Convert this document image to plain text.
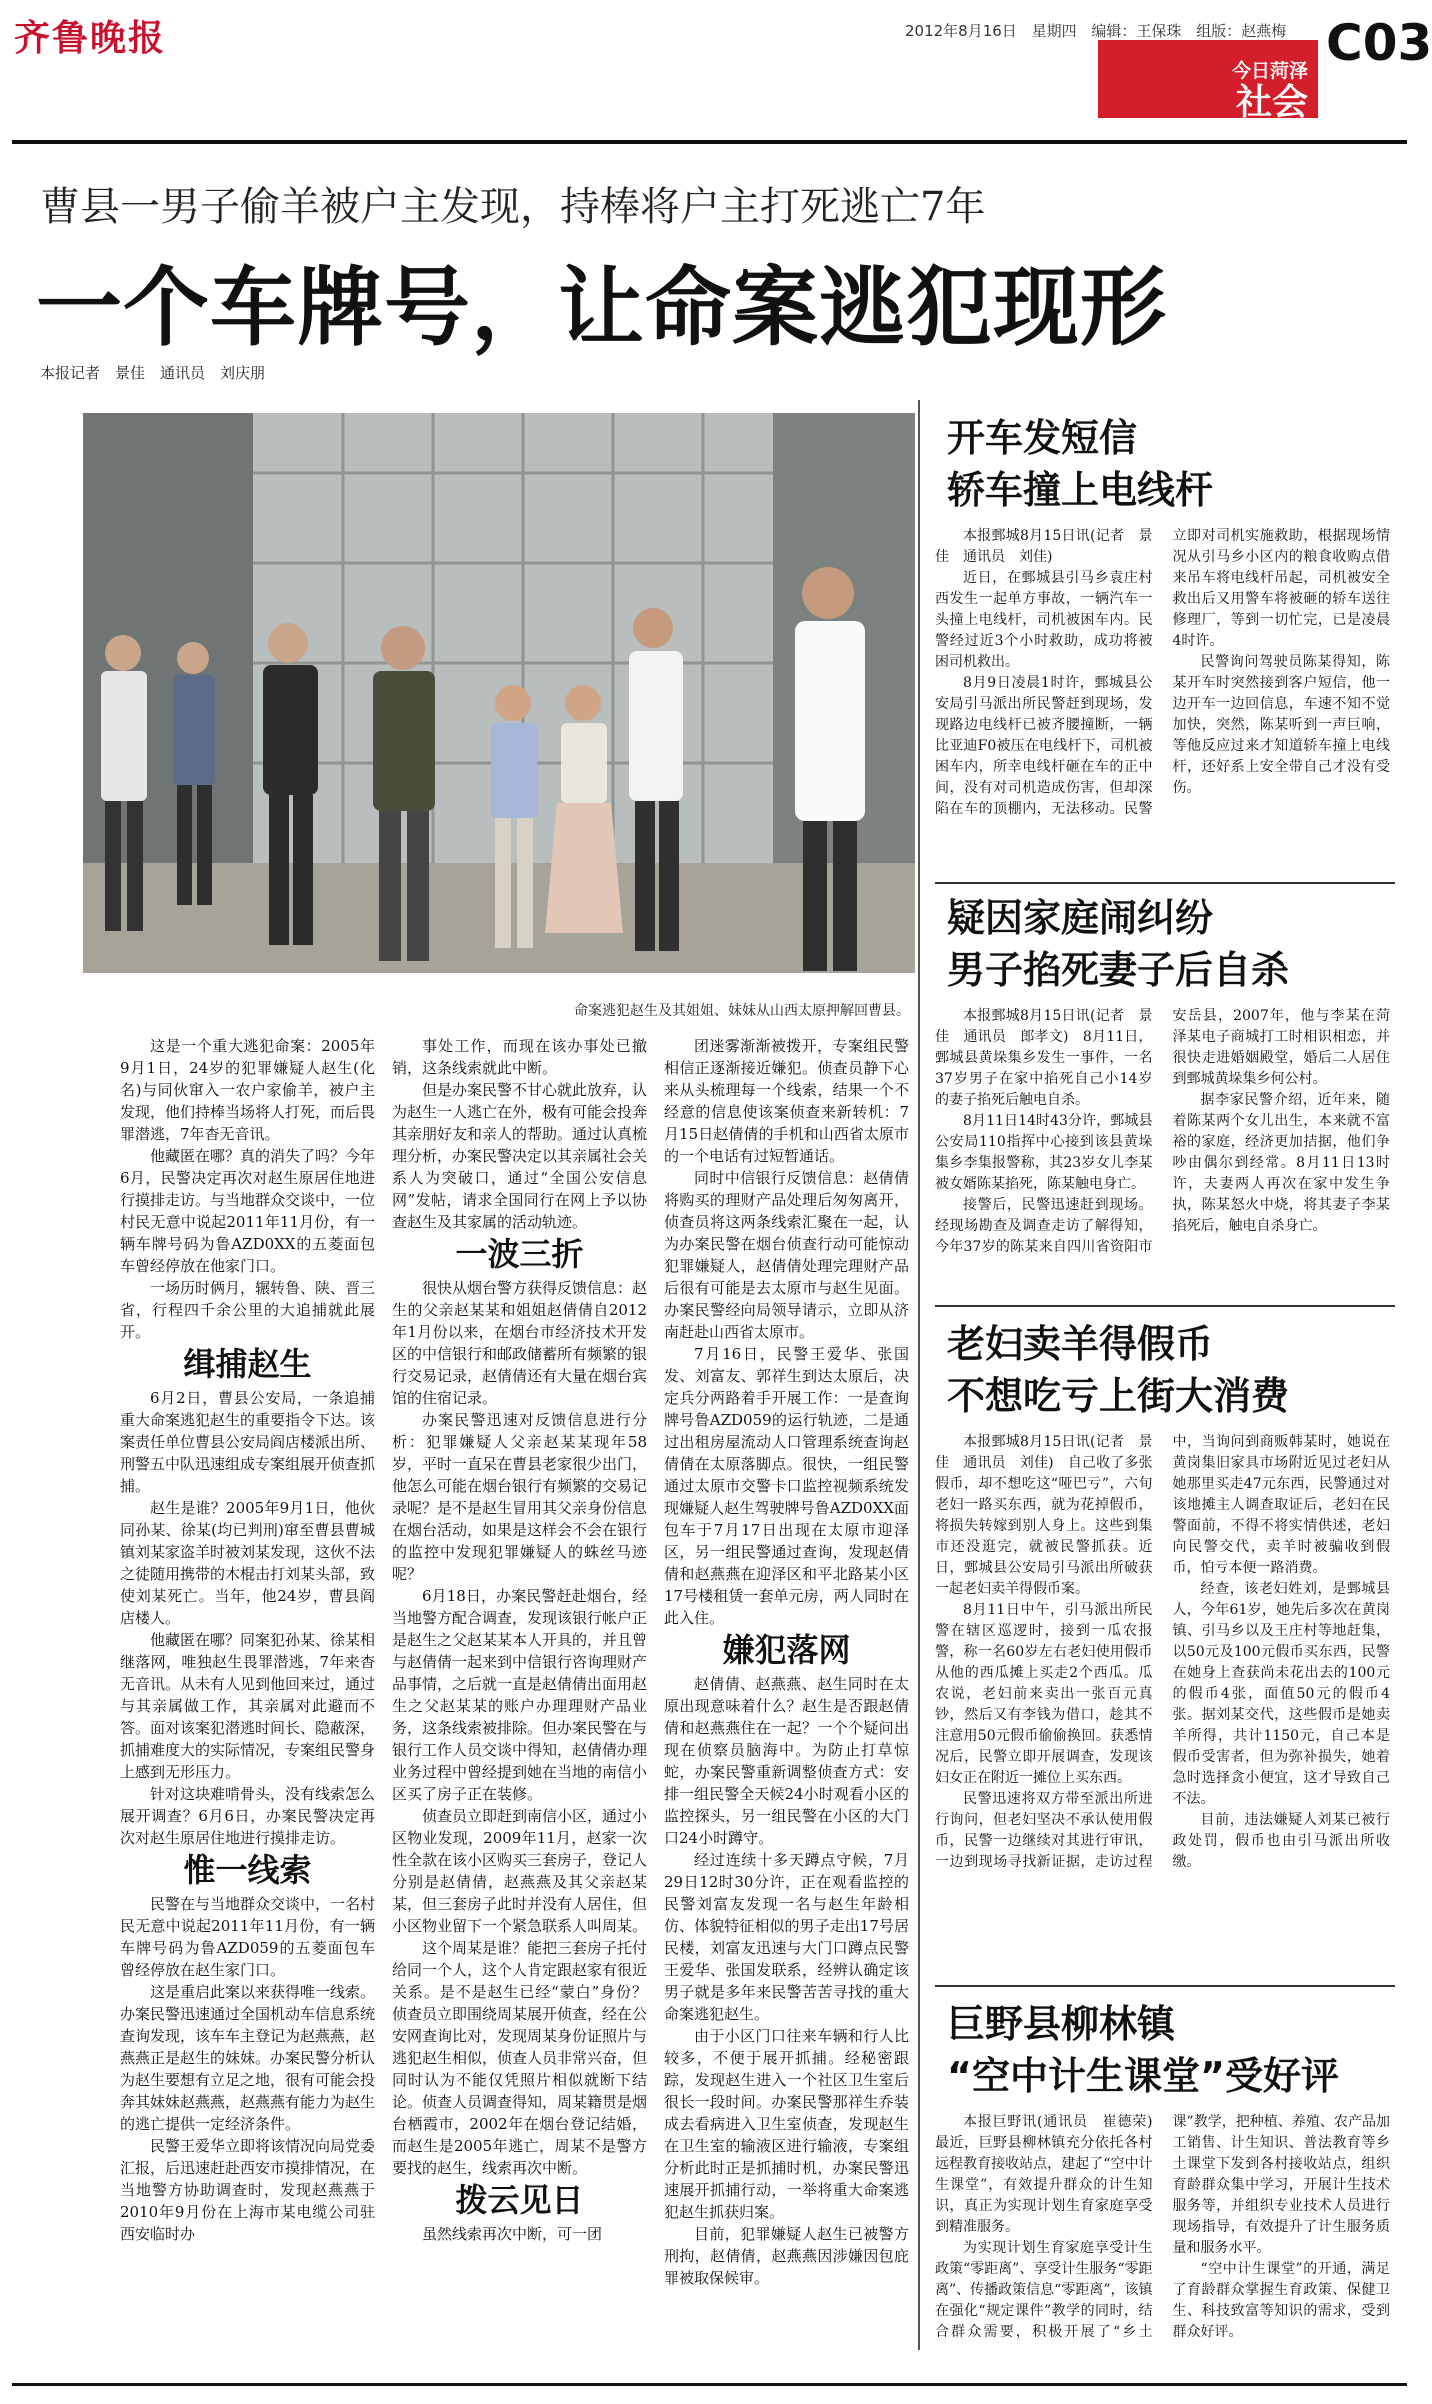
齐鲁晚报	2012年8月16日 星期四 编辑：王保珠 组版：赵燕梅
今日菏泽
社会
C03
曹县一男子偷羊被户主发现，持棒将户主打死逃亡7年
一个车牌号，让命案逃犯现形
本报记者　景佳　通讯员　刘庆朋
命案逃犯赵生及其姐姐、妹妹从山西太原押解回曹县。

这是一个重大逃犯命案：2005年9月1日，24岁的犯罪嫌疑人赵生(化名)与同伙窜入一农户家偷羊，被户主发现，他们持棒当场将人打死，而后畏罪潜逃，7年杳无音讯。

他藏匿在哪？真的消失了吗？今年6月，民警决定再次对赵生原居住地进行摸排走访。与当地群众交谈中，一位村民无意中说起2011年11月份，有一辆车牌号码为鲁AZD0XX的五菱面包车曾经停放在他家门口。

一场历时俩月，辗转鲁、陕、晋三省，行程四千余公里的大追捕就此展开。

缉捕赵生

6月2日，曹县公安局，一条追捕重大命案逃犯赵生的重要指令下达。该案责任单位曹县公安局阎店楼派出所、刑警五中队迅速组成专案组展开侦查抓捕。

赵生是谁？2005年9月1日，他伙同孙某、徐某(均已判刑)窜至曹县曹城镇刘某家盗羊时被刘某发现，这伙不法之徒随用携带的木棍击打刘某头部，致使刘某死亡。当年，他24岁，曹县阎店楼人。

他藏匿在哪？同案犯孙某、徐某相继落网，唯独赵生畏罪潜逃，7年来杳无音讯。从未有人见到他回来过，通过与其亲属做工作，其亲属对此避而不答。面对该案犯潜逃时间长、隐蔽深，抓捕难度大的实际情况，专案组民警身上感到无形压力。

针对这块难啃骨头，没有线索怎么展开调查？6月6日，办案民警决定再次对赵生原居住地进行摸排走访。

惟一线索

民警在与当地群众交谈中，一名村民无意中说起2011年11月份，有一辆车牌号码为鲁AZD059的五菱面包车曾经停放在赵生家门口。

这是重启此案以来获得唯一线索。办案民警迅速通过全国机动车信息系统查询发现，该车车主登记为赵燕燕，赵燕燕正是赵生的妹妹。办案民警分析认为赵生要想有立足之地，很有可能会投奔其妹妹赵燕燕，赵燕燕有能力为赵生的逃亡提供一定经济条件。

民警王爱华立即将该情况向局党委汇报，后迅速赶赴西安市摸排情况，在当地警方协助调查时，发现赵燕燕于2010年9月份在上海市某电缆公司驻西安临时办

事处工作，而现在该办事处已撤销，这条线索就此中断。

但是办案民警不甘心就此放弃，认为赵生一人逃亡在外，极有可能会投奔其亲朋好友和亲人的帮助。通过认真梳理分析，办案民警决定以其亲属社会关系人为突破口，通过“全国公安信息网”发帖，请求全国同行在网上予以协查赵生及其家属的活动轨迹。

一波三折

很快从烟台警方获得反馈信息：赵生的父亲赵某某和姐姐赵倩倩自2012年1月份以来，在烟台市经济技术开发区的中信银行和邮政储蓄所有频繁的银行交易记录，赵倩倩还有大量在烟台宾馆的住宿记录。

办案民警迅速对反馈信息进行分析：犯罪嫌疑人父亲赵某某现年58岁，平时一直呆在曹县老家很少出门，他怎么可能在烟台银行有频繁的交易记录呢？是不是赵生冒用其父亲身份信息在烟台活动，如果是这样会不会在银行的监控中发现犯罪嫌疑人的蛛丝马迹呢？

6月18日，办案民警赶赴烟台，经当地警方配合调查，发现该银行帐户正是赵生之父赵某某本人开具的，并且曾与赵倩倩一起来到中信银行咨询理财产品事情，之后就一直是赵倩倩出面用赵生之父赵某某的账户办理理财产品业务，这条线索被排除。但办案民警在与银行工作人员交谈中得知，赵倩倩办理业务过程中曾经提到她在当地的南信小区买了房子正在装修。

侦查员立即赶到南信小区，通过小区物业发现，2009年11月，赵家一次性全款在该小区购买三套房子，登记人分别是赵倩倩，赵燕燕及其父亲赵某某，但三套房子此时并没有人居住，但小区物业留下一个紧急联系人叫周某。

这个周某是谁？能把三套房子托付给同一个人，这个人肯定跟赵家有很近关系。是不是赵生已经“蒙白”身份？侦查员立即围绕周某展开侦查，经在公安网查询比对，发现周某身份证照片与逃犯赵生相似，侦查人员非常兴奋，但同时认为不能仅凭照片相似就断下结论。侦查人员调查得知，周某籍贯是烟台栖霞市，2002年在烟台登记结婚，而赵生是2005年逃亡，周某不是警方要找的赵生，线索再次中断。

拨云见日

虽然线索再次中断，可一团

团迷雾渐渐被拨开，专案组民警相信正逐渐接近嫌犯。侦查员静下心来从头梳理每一个线索，结果一个不经意的信息使该案侦查来新转机：7月15日赵倩倩的手机和山西省太原市的一个电话有过短暂通话。

同时中信银行反馈信息：赵倩倩将购买的理财产品处理后匆匆离开，侦查员将这两条线索汇聚在一起，认为办案民警在烟台侦查行动可能惊动犯罪嫌疑人，赵倩倩处理完理财产品后很有可能是去太原市与赵生见面。办案民警经向局领导请示，立即从济南赶赴山西省太原市。

7月16日，民警王爱华、张国发、刘富友、郭祥生到达太原后，决定兵分两路着手开展工作：一是查询牌号鲁AZD059的运行轨迹，二是通过出租房屋流动人口管理系统查询赵倩倩在太原落脚点。很快，一组民警通过太原市交警卡口监控视频系统发现嫌疑人赵生驾驶牌号鲁AZD0XX面包车于7月17日出现在太原市迎泽区，另一组民警通过查询，发现赵倩倩和赵燕燕在迎泽区和平北路某小区17号楼租赁一套单元房，两人同时在此入住。

嫌犯落网

赵倩倩、赵燕燕、赵生同时在太原出现意味着什么？赵生是否跟赵倩倩和赵燕燕住在一起？一个个疑问出现在侦察员脑海中。为防止打草惊蛇，办案民警重新调整侦查方式：安排一组民警全天候24小时观看小区的监控探头，另一组民警在小区的大门口24小时蹲守。

经过连续十多天蹲点守候，7月29日12时30分许，正在观看监控的民警刘富友发现一名与赵生年龄相仿、体貌特征相似的男子走出17号居民楼，刘富友迅速与大门口蹲点民警王爱华、张国发联系，经辨认确定该男子就是多年来民警苦苦寻找的重大命案逃犯赵生。

由于小区门口往来车辆和行人比较多，不便于展开抓捕。经秘密跟踪，发现赵生进入一个社区卫生室后很长一段时间。办案民警那祥生乔装成去看病进入卫生室侦查，发现赵生在卫生室的输液区进行输液，专案组分析此时正是抓捕时机，办案民警迅速展开抓捕行动，一举将重大命案逃犯赵生抓获归案。

目前，犯罪嫌疑人赵生已被警方刑拘，赵倩倩，赵燕燕因涉嫌因包庇罪被取保候审。

开车发短信
轿车撞上电线杆

本报鄄城8月15日讯(记者　景佳　通讯员　刘佳)

近日，在鄄城县引马乡袁庄村西发生一起单方事故，一辆汽车一头撞上电线杆，司机被困车内。民警经过近3个小时救助，成功将被困司机救出。

8月9日凌晨1时许，鄄城县公安局引马派出所民警赶到现场，发现路边电线杆已被齐腰撞断，一辆比亚迪F0被压在电线杆下，司机被困车内，所幸电线杆砸在车的正中间，没有对司机造成伤害，但却深陷在车的顶棚内，无法移动。民警立即对司机实施救助，根据现场情况从引马乡小区内的粮食收购点借来吊车将电线杆吊起，司机被安全救出后又用警车将被砸的轿车送往修理厂，等到一切忙完，已是凌晨4时许。

民警询问驾驶员陈某得知，陈某开车时突然接到客户短信，他一边开车一边回信息，车速不知不觉加快，突然，陈某听到一声巨响，等他反应过来才知道轿车撞上电线杆，还好系上安全带自己才没有受伤。

疑因家庭闹纠纷
男子掐死妻子后自杀

本报鄄城8月15日讯(记者　景佳　通讯员　郎孝文)　8月11日，鄄城县黄垛集乡发生一事件，一名37岁男子在家中掐死自己小14岁的妻子掐死后触电自杀。

8月11日14时43分许，鄄城县公安局110指挥中心接到该县黄垛集乡李集报警称，其23岁女儿李某被女婿陈某掐死，陈某触电身亡。

接警后，民警迅速赶到现场。经现场勘查及调查走访了解得知，今年37岁的陈某来自四川省资阳市安岳县，2007年，他与李某在菏泽某电子商城打工时相识相恋，并很快走进婚姻殿堂，婚后二人居住到鄄城黄垛集乡何公村。

据李家民警介绍，近年来，随着陈某两个女儿出生，本来就不富裕的家庭，经济更加拮据，他们争吵由偶尔到经常。8月11日13时许，夫妻两人再次在家中发生争执，陈某怒火中烧，将其妻子李某掐死后，触电自杀身亡。

老妇卖羊得假币
不想吃亏上街大消费

本报鄄城8月15日讯(记者　景佳　通讯员　刘佳)　自己收了多张假币，却不想吃这“哑巴亏”，六旬老妇一路买东西，就为花掉假币，将损失转嫁到别人身上。这些到集市还没逛完，就被民警抓获。近日，鄄城县公安局引马派出所破获一起老妇卖羊得假币案。

8月11日中午，引马派出所民警在辖区巡逻时，接到一瓜农报警，称一名60岁左右老妇使用假币从他的西瓜摊上买走2个西瓜。瓜农说，老妇前来卖出一张百元真钞，然后又有李钱为借口，趁其不注意用50元假币偷偷换回。获悉情况后，民警立即开展调查，发现该妇女正在附近一摊位上买东西。

民警迅速将双方带至派出所进行询问，但老妇坚决不承认使用假币，民警一边继续对其进行审讯，一边到现场寻找新证据，走访过程中，当询问到商贩韩某时，她说在黄岗集旧家具市场附近见过老妇从她那里买走47元东西，民警通过对该地摊主人调查取证后，老妇在民警面前，不得不将实情供述，老妇向民警交代，卖羊时被骗收到假币，怕亏本便一路消费。

经查，该老妇姓刘，是鄄城县人，今年61岁，她先后多次在黄岗镇、引马乡以及王庄村等地赶集，以50元及100元假币买东西，民警在她身上查获尚未花出去的100元的假币4张，面值50元的假币4张。据刘某交代，这些假币是她卖羊所得，共计1150元，自己本是假币受害者，但为弥补损失，她着急时选择贪小便宜，这才导致自己不法。

目前，违法嫌疑人刘某已被行政处罚，假币也由引马派出所收缴。

巨野县柳林镇
“空中计生课堂”受好评

本报巨野讯(通讯员　崔德荣)　最近，巨野县柳林镇充分依托各村远程教育接收站点，建起了“空中计生课堂”，有效提升群众的计生知识，真正为实现计划生育家庭享受到精准服务。

为实现计划生育家庭享受计生政策“零距离”、享受计生服务“零距离”、传播政策信息“零距离”，该镇在强化“规定课件”教学的同时，结合群众需要，积极开展了“乡土课”教学，把种植、养殖、农产品加工销售、计生知识、普法教育等乡土课堂下发到各村接收站点，组织育龄群众集中学习，开展计生技术服务等，并组织专业技术人员进行现场指导，有效提升了计生服务质量和服务水平。

“空中计生课堂”的开通，满足了育龄群众掌握生育政策、保健卫生、科技致富等知识的需求，受到群众好评。
